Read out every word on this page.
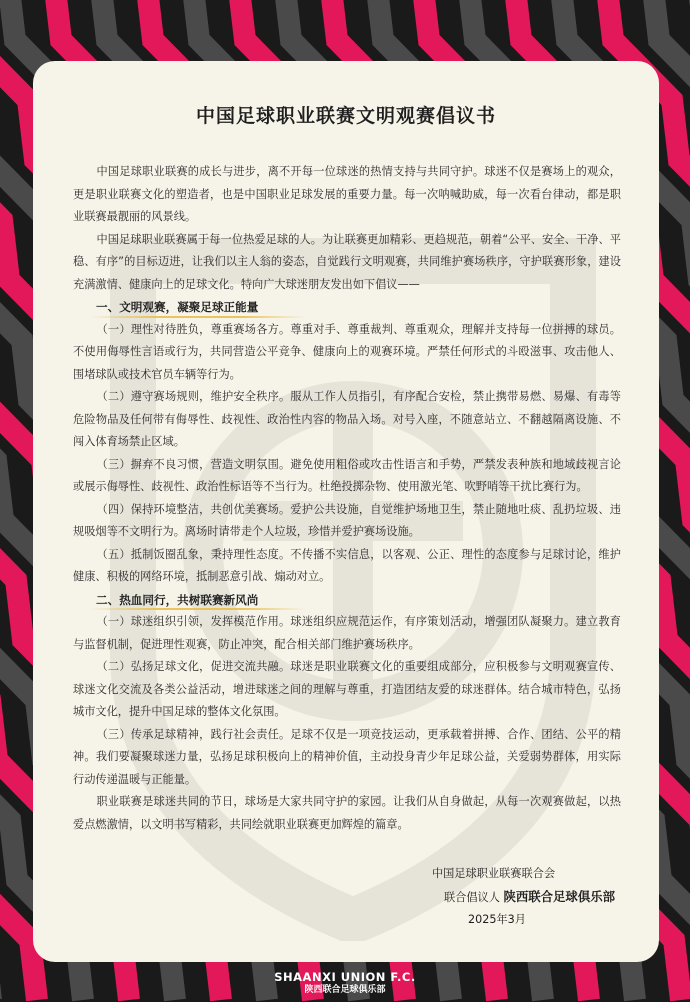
中国足球职业联赛文明观赛倡议书

中国足球职业联赛的成长与进步，离不开每一位球迷的热情支持与共同守护。球迷不仅是赛场上的观众，更是职业联赛文化的塑造者，也是中国职业足球发展的重要力量。每一次呐喊助威，每一次看台律动，都是职业联赛最靓丽的风景线。

中国足球职业联赛属于每一位热爱足球的人。为让联赛更加精彩、更趋规范，朝着“公平、安全、干净、平稳、有序”的目标迈进，让我们以主人翁的姿态，自觉践行文明观赛，共同维护赛场秩序，守护联赛形象，建设充满激情、健康向上的足球文化。特向广大球迷朋友发出如下倡议——

一、文明观赛，凝聚足球正能量

（一）理性对待胜负，尊重赛场各方。尊重对手、尊重裁判、尊重观众，理解并支持每一位拼搏的球员。不使用侮辱性言语或行为，共同营造公平竞争、健康向上的观赛环境。严禁任何形式的斗殴滋事、攻击他人、围堵球队或技术官员车辆等行为。

（二）遵守赛场规则，维护安全秩序。服从工作人员指引，有序配合安检，禁止携带易燃、易爆、有毒等危险物品及任何带有侮辱性、歧视性、政治性内容的物品入场。对号入座，不随意站立、不翻越隔离设施、不闯入体育场禁止区域。

（三）摒弃不良习惯，营造文明氛围。避免使用粗俗或攻击性语言和手势，严禁发表种族和地域歧视言论或展示侮辱性、歧视性、政治性标语等不当行为。杜绝投掷杂物、使用激光笔、吹野哨等干扰比赛行为。

（四）保持环境整洁，共创优美赛场。爱护公共设施，自觉维护场地卫生，禁止随地吐痰、乱扔垃圾、违规吸烟等不文明行为。离场时请带走个人垃圾，珍惜并爱护赛场设施。

（五）抵制饭圈乱象，秉持理性态度。不传播不实信息，以客观、公正、理性的态度参与足球讨论，维护健康、积极的网络环境，抵制恶意引战、煽动对立。

二、热血同行，共树联赛新风尚

（一）球迷组织引领，发挥模范作用。球迷组织应规范运作，有序策划活动，增强团队凝聚力。建立教育与监督机制，促进理性观赛，防止冲突，配合相关部门维护赛场秩序。

（二）弘扬足球文化，促进交流共融。球迷是职业联赛文化的重要组成部分，应积极参与文明观赛宣传、球迷文化交流及各类公益活动，增进球迷之间的理解与尊重，打造团结友爱的球迷群体。结合城市特色，弘扬城市文化，提升中国足球的整体文化氛围。

（三）传承足球精神，践行社会责任。足球不仅是一项竞技运动，更承载着拼搏、合作、团结、公平的精神。我们要凝聚球迷力量，弘扬足球积极向上的精神价值，主动投身青少年足球公益，关爱弱势群体，用实际行动传递温暖与正能量。

职业联赛是球迷共同的节日，球场是大家共同守护的家园。让我们从自身做起，从每一次观赛做起，以热爱点燃激情，以文明书写精彩，共同绘就职业联赛更加辉煌的篇章。

中国足球职业联赛联合会
联合倡议人 陕西联合足球俱乐部
2025年3月
SHAANXI UNION F.C.
陕西联合足球俱乐部
